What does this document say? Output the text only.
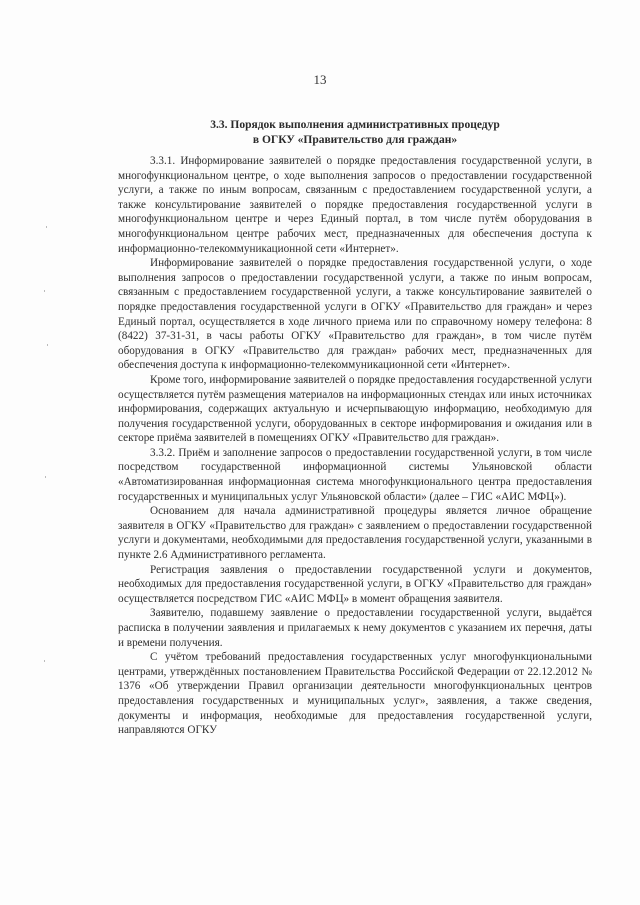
13
3.3. Порядок выполнения административных процедур
в ОГКУ «Правительство для граждан»

3.3.1. Информирование заявителей о порядке предоставления государственной услуги, в многофункциональном центре, о ходе выполнения запросов о предоставлении государственной услуги, а также по иным вопросам, связанным с предоставлением государственной услуги, а также консультирование заявителей о порядке предоставления государственной услуги в многофункциональном центре и через Единый портал, в том числе путём оборудования в многофункциональном центре рабочих мест, предназначенных для обеспечения доступа к информационно-телекоммуникационной сети «Интернет».

Информирование заявителей о порядке предоставления государственной услуги, о ходе выполнения запросов о предоставлении государственной услуги, а также по иным вопросам, связанным с предоставлением государственной услуги, а также консультирование заявителей о порядке предоставления государственной услуги в ОГКУ «Правительство для граждан» и через Единый портал, осуществляется в ходе личного приема или по справочному номеру телефона: 8 (8422) 37-31-31, в часы работы ОГКУ «Правительство для граждан», в том числе путём оборудования в ОГКУ «Правительство для граждан» рабочих мест, предназначенных для обеспечения доступа к информационно-телекоммуникационной сети «Интернет».

Кроме того, информирование заявителей о порядке предоставления государственной услуги осуществляется путём размещения материалов на информационных стендах или иных источниках информирования, содержащих актуальную и исчерпывающую информацию, необходимую для получения государственной услуги, оборудованных в секторе информирования и ожидания или в секторе приёма заявителей в помещениях ОГКУ «Правительство для граждан».

3.3.2. Приём и заполнение запросов о предоставлении государственной услуги, в том числе посредством государственной информационной системы Ульяновской области «Автоматизированная информационная система многофункционального центра предоставления государственных и муниципальных услуг Ульяновской области» (далее – ГИС «АИС МФЦ»).

Основанием для начала административной процедуры является личное обращение заявителя в ОГКУ «Правительство для граждан» с заявлением о предоставлении государственной услуги и документами, необходимыми для предоставления государственной услуги, указанными в пункте 2.6 Административного регламента.

Регистрация заявления о предоставлении государственной услуги и документов, необходимых для предоставления государственной услуги, в ОГКУ «Правительство для граждан» осуществляется посредством ГИС «АИС МФЦ» в момент обращения заявителя.

Заявителю, подавшему заявление о предоставлении государственной услуги, выдаётся расписка в получении заявления и прилагаемых к нему документов с указанием их перечня, даты и времени получения.

С учётом требований предоставления государственных услуг многофункциональными центрами, утверждённых постановлением Правительства Российской Федерации от 22.12.2012 № 1376 «Об утверждении Правил организации деятельности многофункциональных центров предоставления государственных и муниципальных услуг», заявления, а также сведения, документы и информация, необходимые для предоставления государственной услуги, направляются ОГКУ
